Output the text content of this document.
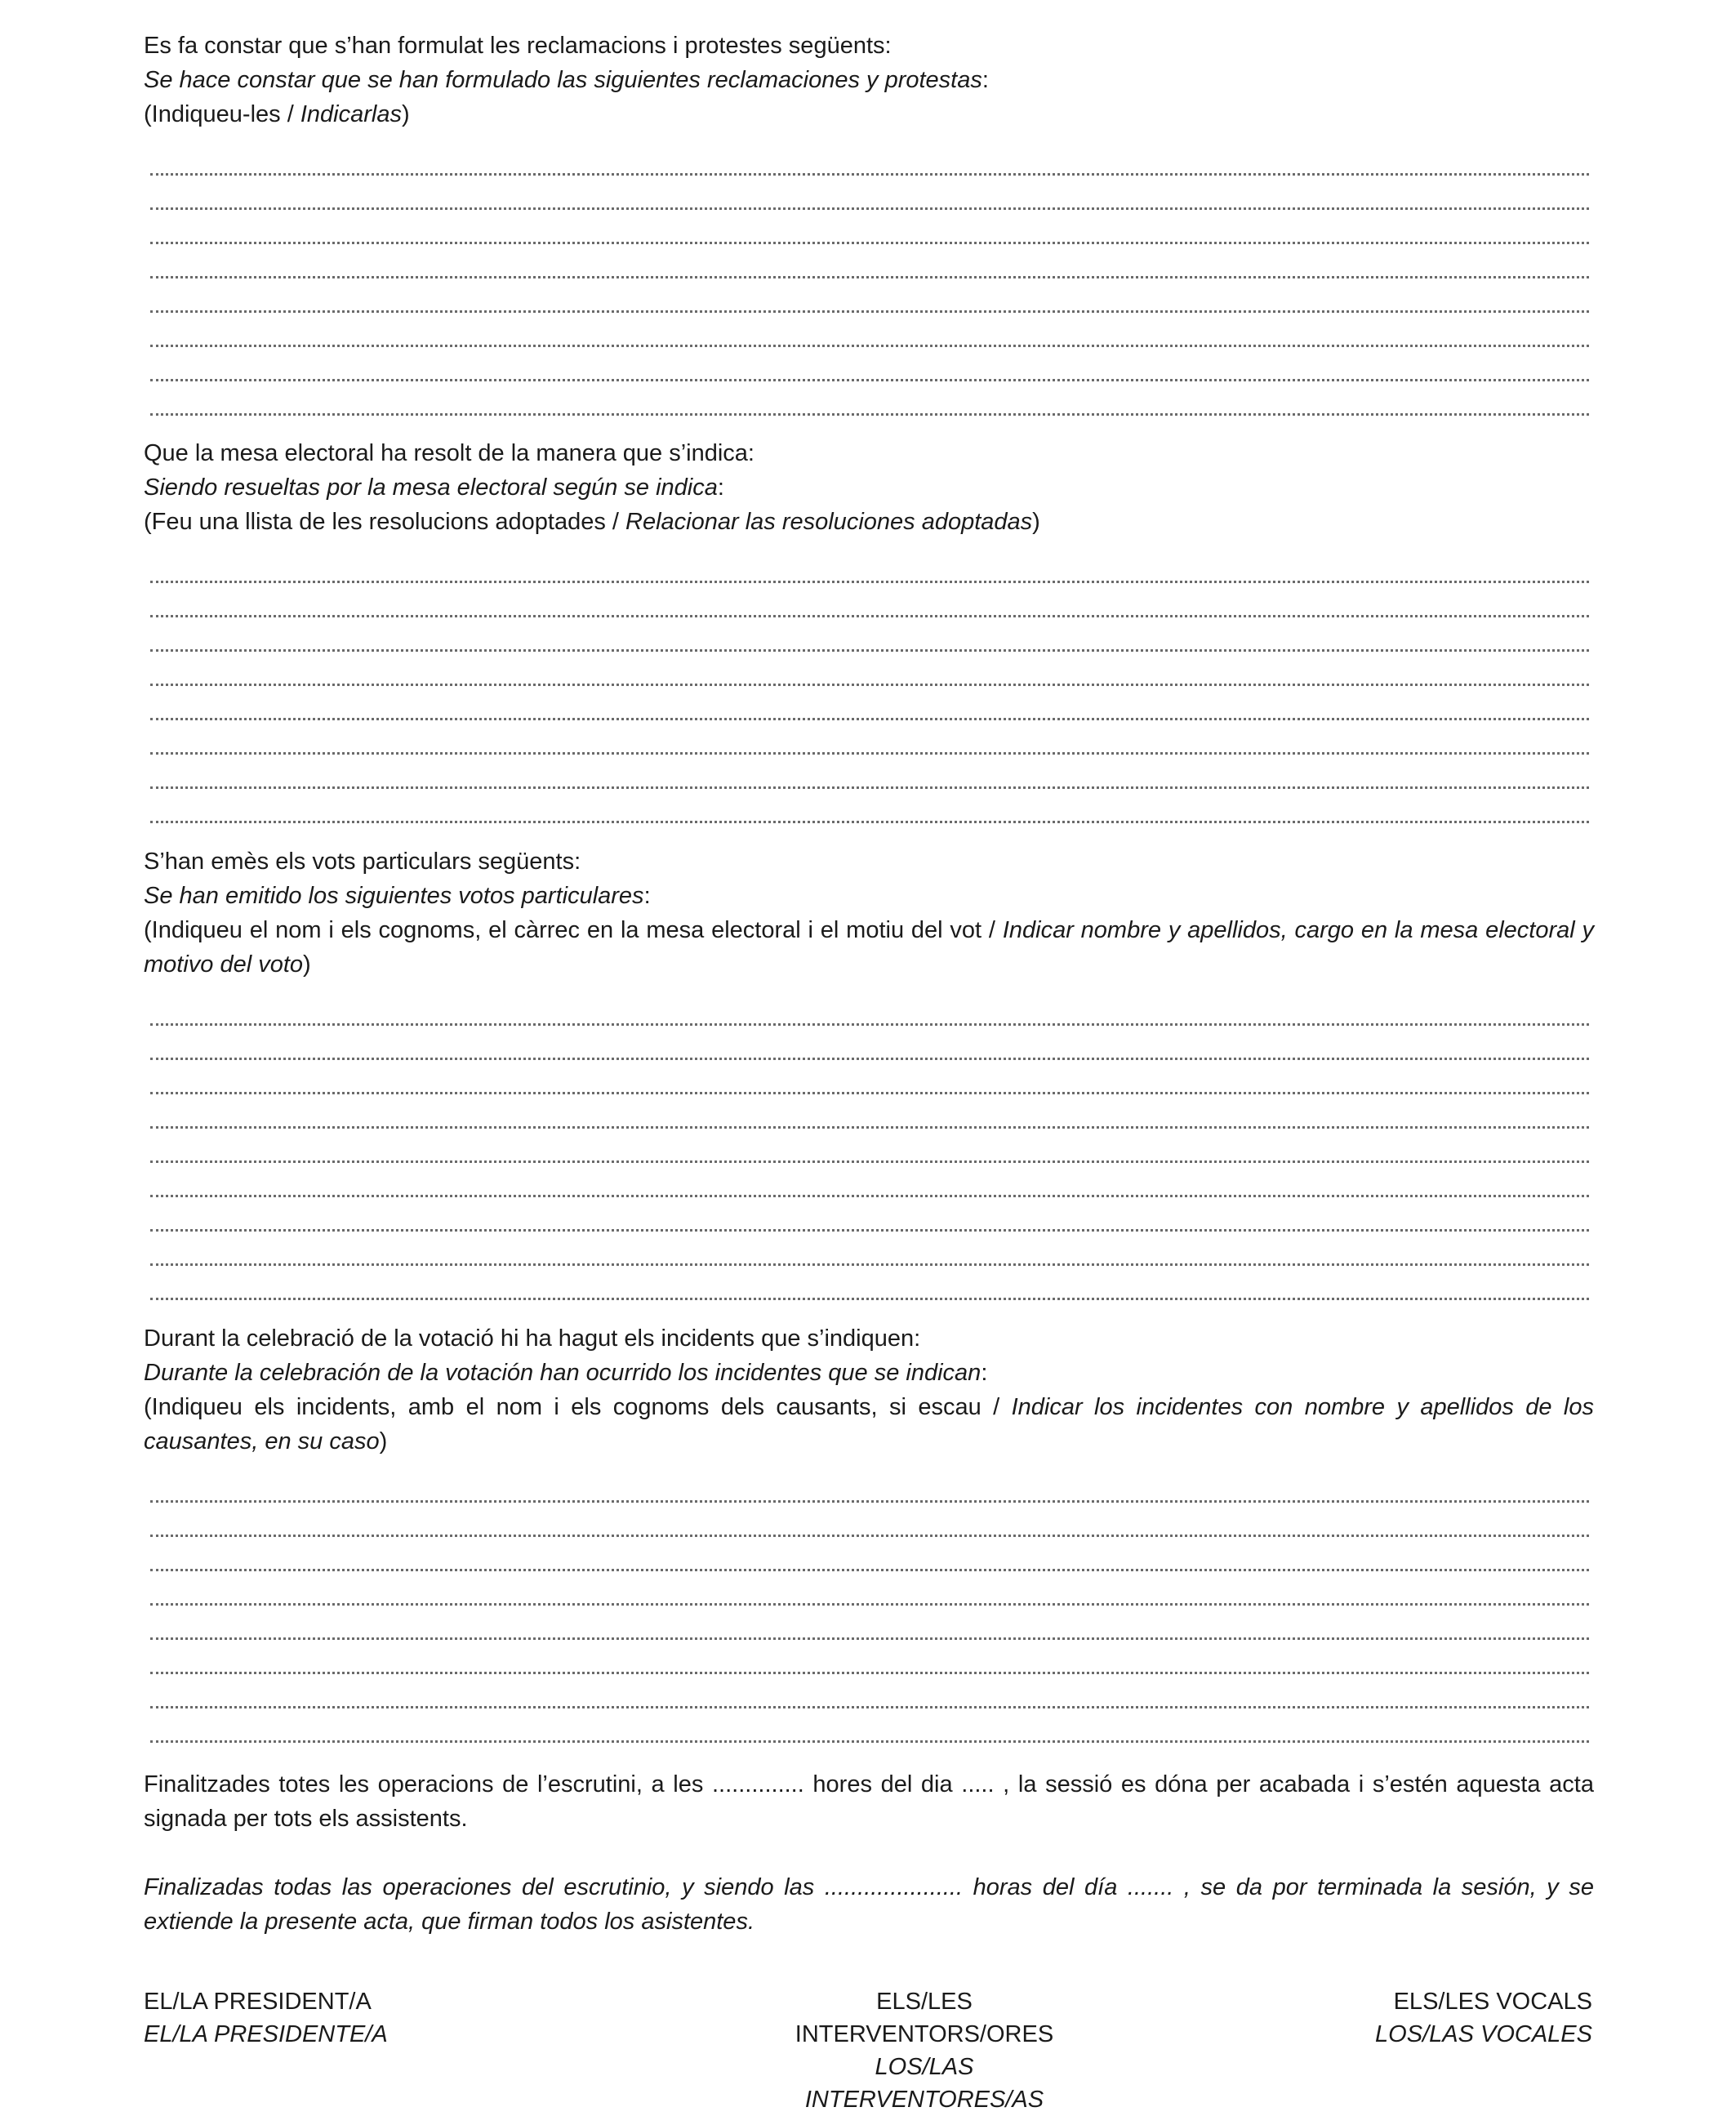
Es fa constar que s’han formulat les reclamacions i protestes següents:
Se hace constar que se han formulado las siguientes reclamaciones y protestas:
(Indiqueu-les / Indicarlas)
Que la mesa electoral ha resolt de la manera que s’indica:
Siendo resueltas por la mesa electoral según se indica:
(Feu una llista de les resolucions adoptades / Relacionar las resoluciones adoptadas)
S’han emès els vots particulars següents:
Se han emitido los siguientes votos particulares:
(Indiqueu el nom i els cognoms, el càrrec en la mesa electoral i el motiu del vot / Indicar nombre y apellidos, cargo en la mesa electoral y motivo del voto)
Durant la celebració de la votació hi ha hagut els incidents que s’indiquen:
Durante la celebración de la votación han ocurrido los incidentes que se indican:
(Indiqueu els incidents, amb el nom i els cognoms dels causants, si escau / Indicar los incidentes con nombre y apellidos de los causantes, en su caso)
Finalitzades totes les operacions de l’escrutini, a les .............. hores del dia ..... , la sessió es dóna per acabada i s’estén aquesta acta signada per tots els assistents.
Finalizadas todas las operaciones del escrutinio, y siendo las ..................... horas del día ....... , se da por terminada la sesión, y se extiende la presente acta, que firman todos los asistentes.
EL/LA PRESIDENT/A
EL/LA PRESIDENTE/A
ELS/LES INTERVENTORS/ORES
LOS/LAS INTERVENTORES/AS
ELS/LES VOCALS
LOS/LAS VOCALES
